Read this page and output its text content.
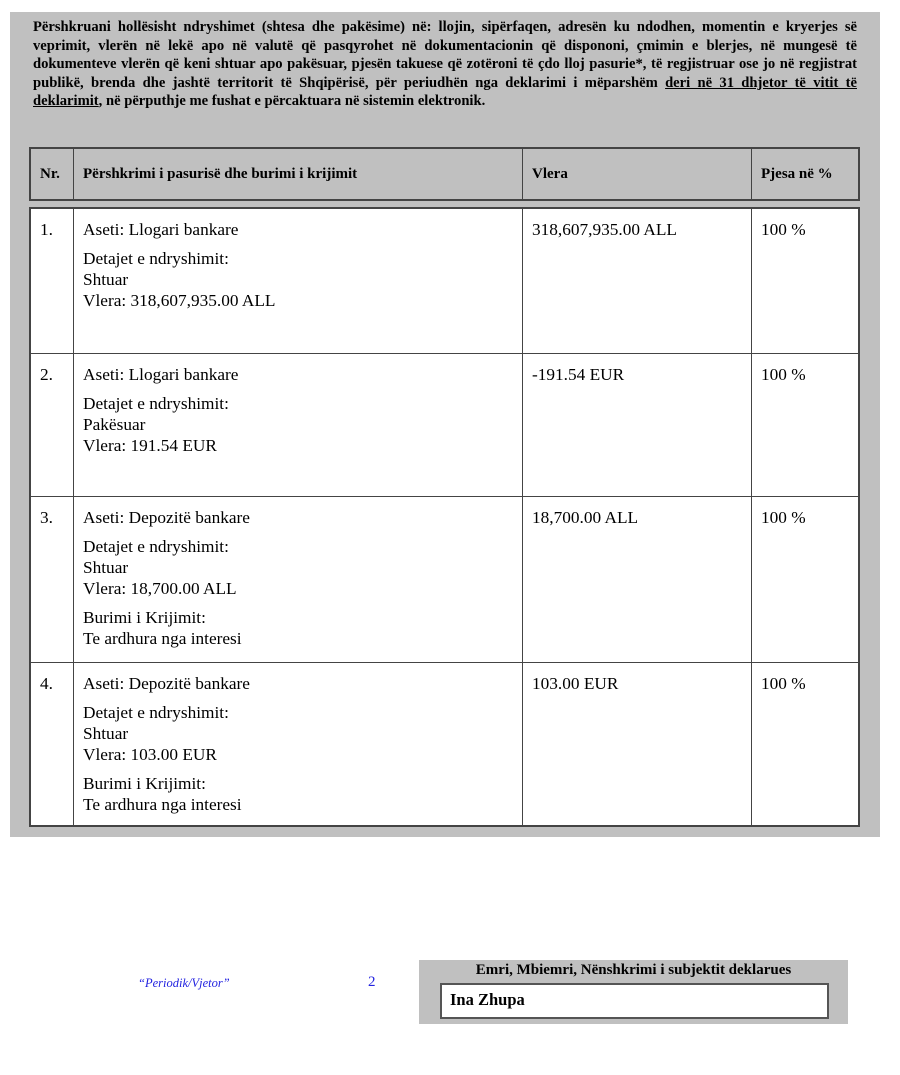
Përshkruani hollësisht ndryshimet (shtesa dhe pakësime) në: llojin, sipërfaqen, adresën ku ndodhen, momentin e kryerjes së veprimit, vlerën në lekë apo në valutë që pasqyrohet në dokumentacionin që dispononi, çmimin e blerjes, në mungesë të dokumenteve vlerën që keni shtuar apo pakësuar, pjesën takuese që zotëroni të çdo lloj pasurie*, të regjistruar ose jo në regjistrat publikë, brenda dhe jashtë territorit të Shqipërisë, për periudhën nga deklarimi i mëparshëm deri në 31 dhjetor të vitit të deklarimit, në përputhje me fushat e përcaktuara në sistemin elektronik.

Nr.	Përshkrimi i pasurisë dhe burimi i krijimit	Vlera	Pjesa në %
1.	Aseti: Llogari bankare
Detajet e ndryshimit:
Shtuar
Vlera: 318,607,935.00 ALL
318,607,935.00 ALL	100 %
2.	Aseti: Llogari bankare
Detajet e ndryshimit:
Pakësuar
Vlera: 191.54 EUR
-191.54 EUR	100 %
3.	Aseti: Depozitë bankare
Detajet e ndryshimit:
Shtuar
Vlera: 18,700.00 ALL
Burimi i Krijimit:
Te ardhura nga interesi
18,700.00 ALL	100 %
4.	Aseti: Depozitë bankare
Detajet e ndryshimit:
Shtuar
Vlera: 103.00 EUR
Burimi i Krijimit:
Te ardhura nga interesi
103.00 EUR	100 %
“Periodik/Vjetor”	2
Emri, Mbiemri, Nënshkrimi i subjektit deklarues
Ina Zhupa
